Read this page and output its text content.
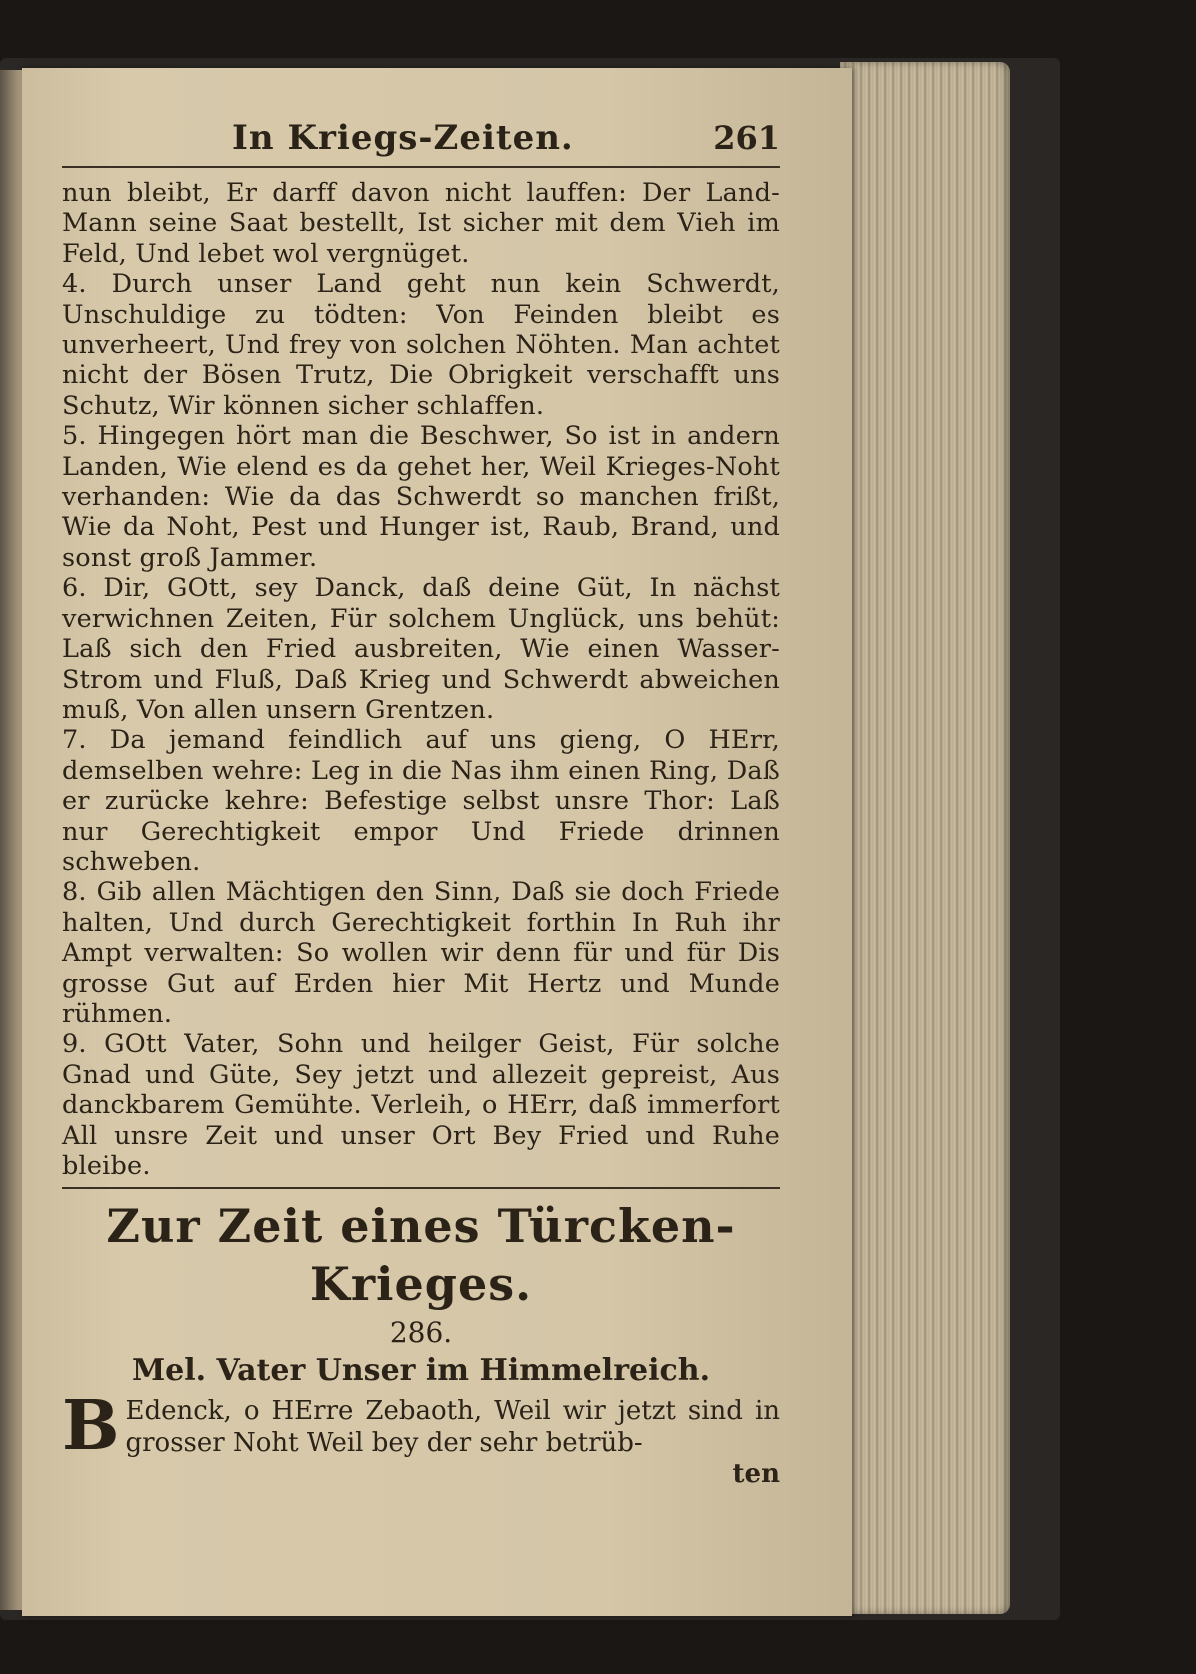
In Kriegs-Zeiten.	261

nun bleibt, Er darff davon nicht lauffen: Der Land-Mann seine Saat bestellt, Ist sicher mit dem Vieh im Feld, Und lebet wol vergnüget.

4. Durch unser Land geht nun kein Schwerdt, Unschuldige zu tödten: Von Feinden bleibt es unverheert, Und frey von solchen Nöhten. Man achtet nicht der Bösen Trutz, Die Obrigkeit verschafft uns Schutz, Wir können sicher schlaffen.

5. Hingegen hört man die Beschwer, So ist in andern Landen, Wie elend es da gehet her, Weil Krieges-Noht verhanden: Wie da das Schwerdt so manchen frißt, Wie da Noht, Pest und Hunger ist, Raub, Brand, und sonst groß Jammer.

6. Dir, GOtt, sey Danck, daß deine Güt, In nächst verwichnen Zeiten, Für solchem Unglück, uns behüt: Laß sich den Fried ausbreiten, Wie einen Wasser-Strom und Fluß, Daß Krieg und Schwerdt abweichen muß, Von allen unsern Grentzen.

7. Da jemand feindlich auf uns gieng, O HErr, demselben wehre: Leg in die Nas ihm einen Ring, Daß er zurücke kehre: Befestige selbst unsre Thor: Laß nur Gerechtigkeit empor Und Friede drinnen schweben.

8. Gib allen Mächtigen den Sinn, Daß sie doch Friede halten, Und durch Gerechtigkeit forthin In Ruh ihr Ampt verwalten: So wollen wir denn für und für Dis grosse Gut auf Erden hier Mit Hertz und Munde rühmen.

9. GOtt Vater, Sohn und heilger Geist, Für solche Gnad und Güte, Sey jetzt und allezeit gepreist, Aus danckbarem Gemühte. Verleih, o HErr, daß immerfort All unsre Zeit und unser Ort Bey Fried und Ruhe bleibe.

Zur Zeit eines Türcken-Krieges.

286.

Mel. Vater Unser im Himmelreich.

B Edenck, o HErre Zebaoth, Weil wir jetzt sind in grosser Noht Weil bey der sehr betrüb-

ten
